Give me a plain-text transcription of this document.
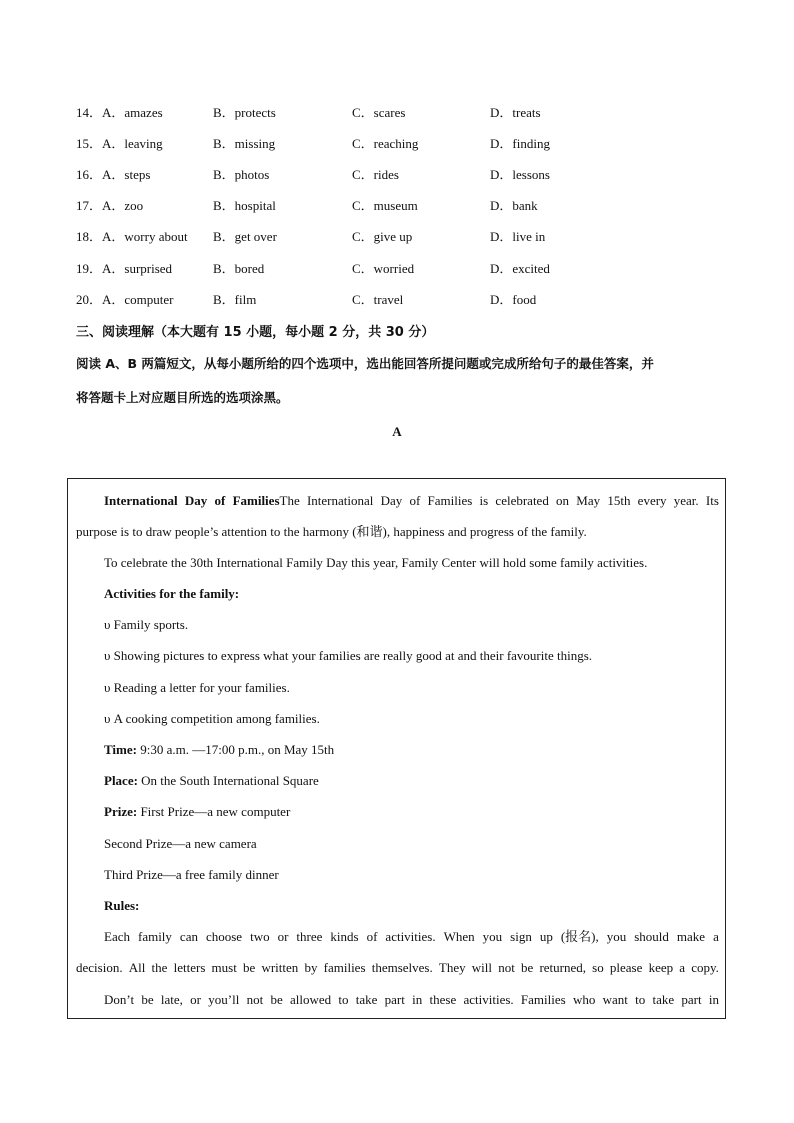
14．A．amazes	B．protects	C．scares	D．treats
15．A．leaving	B．missing	C．reaching	D．finding
16．A．steps	B．photos	C．rides	D．lessons
17．A．zoo	B．hospital	C．museum	D．bank
18．A．worry about B．get over	C．give up	D．live in
19．A．surprised	B．bored	C．worried	D．excited
20．A．computer	B．film	C．travel	D．food
三、阅读理解（本大题有 15 小题，每小题 2 分，共 30 分）
阅读 A、B 两篇短文，从每小题所给的四个选项中，选出能回答所提问题或完成所给句子的最佳答案，并
将答题卡上对应题目所选的选项涂黑。
A
International Day of FamiliesThe International Day of Families is celebrated on May 15th every year. Its
purpose is to draw people’s attention to the harmony (和谐), happiness and progress of the family.
To celebrate the 30th International Family Day this year, Family Center will hold some family activities.
Activities for the family:
υ Family sports.
υ Showing pictures to express what your families are really good at and their favourite things.
υ Reading a letter for your families.
υ A cooking competition among families.
Time: 9:30 a.m. —17:00 p.m., on May 15th
Place: On the South International Square
Prize: First Prize—a new computer
Second Prize—a new camera
Third Prize—a free family dinner
Rules:
Each family can choose two or three kinds of activities. When you sign up (报名), you should make a
decision. All the letters must be written by families themselves. They will not be returned, so please keep a copy.
Don’t be late, or you’ll not be allowed to take part in these activities. Families who want to take part in
